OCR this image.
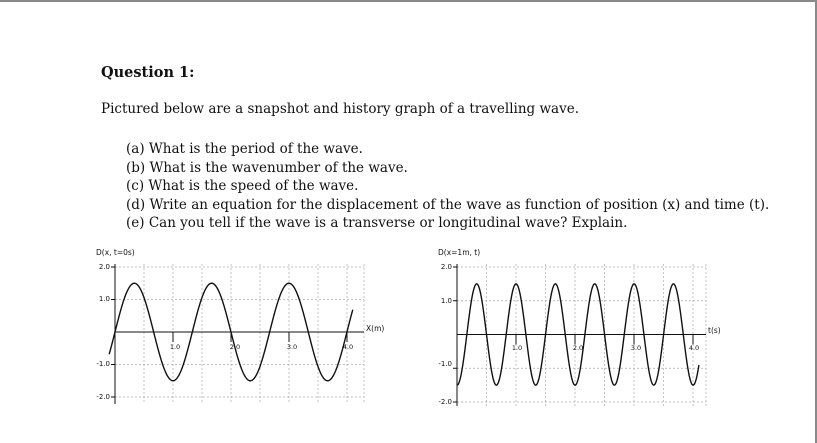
Question 1:
Pictured below are a snapshot and history graph of a travelling wave.
(a) What is the period of the wave.
(b) What is the wavenumber of the wave.
(c) What is the speed of the wave.
(d) Write an equation for the displacement of the wave as function of position (x) and time (t).
(e) Can you tell if the wave is a transverse or longitudinal wave? Explain.
D(x, t=0s)
X(m)
2.0
1.0
-1.0
-2.0
1.0	2.0	3.0	4.0
D(x=1m, t)
t(s)
2.0
1.0
-1.0
-2.0
1.0	2.0	3.0	4.0
